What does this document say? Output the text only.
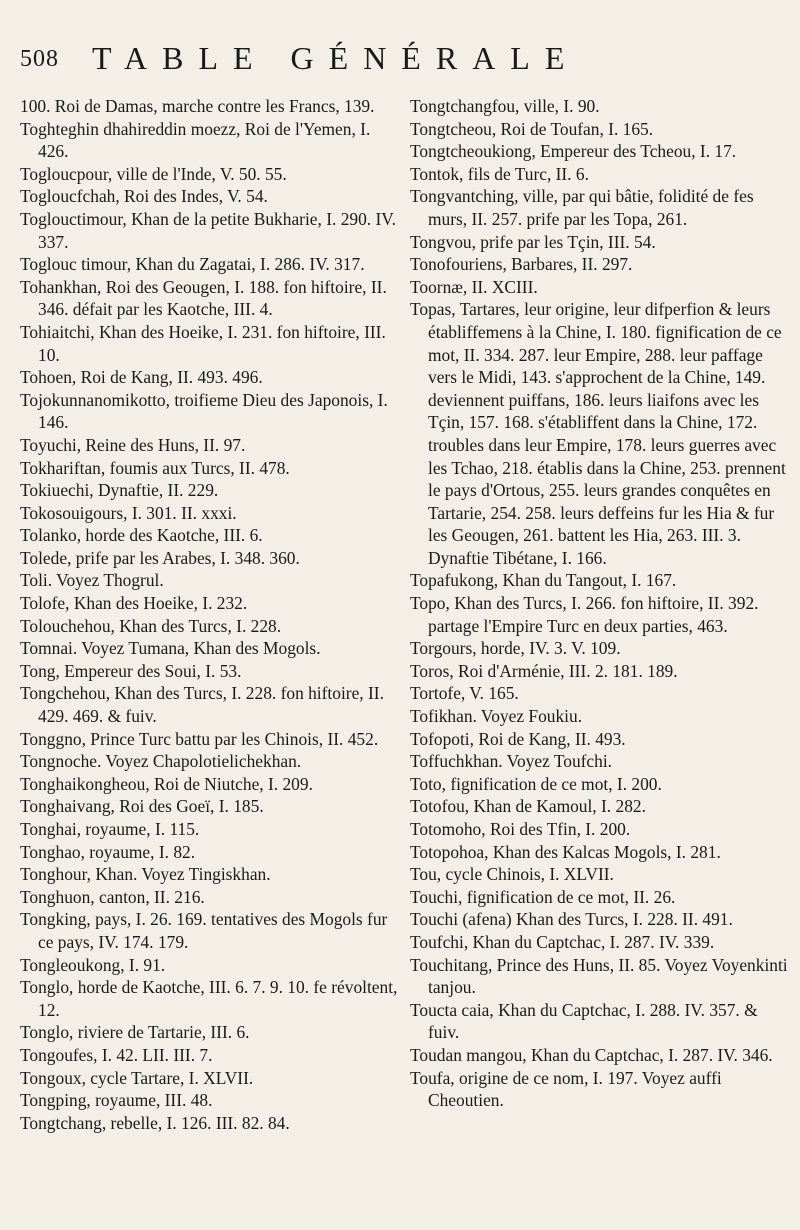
508 TABLE GÉNÉRALE

100. Roi de Damas, marche contre les Francs, 139.

Toghteghin dhahireddin moezz, Roi de l'Yemen, I. 426.

Togloucpour, ville de l'Inde, V. 50. 55.

Togloucfchah, Roi des Indes, V. 54.

Toglouctimour, Khan de la petite Bukharie, I. 290. IV. 337.

Toglouc timour, Khan du Zagatai, I. 286. IV. 317.

Tohankhan, Roi des Geougen, I. 188. fon hiftoire, II. 346. défait par les Kaotche, III. 4.

Tohiaitchi, Khan des Hoeike, I. 231. fon hiftoire, III. 10.

Tohoen, Roi de Kang, II. 493. 496.

Tojokunnanomikotto, troifieme Dieu des Japonois, I. 146.

Toyuchi, Reine des Huns, II. 97.

Tokhariftan, foumis aux Turcs, II. 478.

Tokiuechi, Dynaftie, II. 229.

Tokosouigours, I. 301. II. xxxi.

Tolanko, horde des Kaotche, III. 6.

Tolede, prife par les Arabes, I. 348. 360.

Toli. Voyez Thogrul.

Tolofe, Khan des Hoeike, I. 232.

Tolouchehou, Khan des Turcs, I. 228.

Tomnai. Voyez Tumana, Khan des Mogols.

Tong, Empereur des Soui, I. 53.

Tongchehou, Khan des Turcs, I. 228. fon hiftoire, II. 429. 469. & fuiv.

Tonggno, Prince Turc battu par les Chinois, II. 452.

Tongnoche. Voyez Chapolotielichekhan.

Tonghaikongheou, Roi de Niutche, I. 209.

Tonghaivang, Roi des Goeï, I. 185.

Tonghai, royaume, I. 115.

Tonghao, royaume, I. 82.

Tonghour, Khan. Voyez Tingiskhan.

Tonghuon, canton, II. 216.

Tongking, pays, I. 26. 169. tentatives des Mogols fur ce pays, IV. 174. 179.

Tongleoukong, I. 91.

Tonglo, horde de Kaotche, III. 6. 7. 9. 10. fe révoltent, 12.

Tonglo, riviere de Tartarie, III. 6.

Tongoufes, I. 42. LII. III. 7.

Tongoux, cycle Tartare, I. XLVII.

Tongping, royaume, III. 48.

Tongtchang, rebelle, I. 126. III. 82. 84.

Tongtchangfou, ville, I. 90.

Tongtcheou, Roi de Toufan, I. 165.

Tongtcheoukiong, Empereur des Tcheou, I. 17.

Tontok, fils de Turc, II. 6.

Tongvantching, ville, par qui bâtie, folidité de fes murs, II. 257. prife par les Topa, 261.

Tongvou, prife par les Tçin, III. 54.

Tonofouriens, Barbares, II. 297.

Toornæ, II. XCIII.

Topas, Tartares, leur origine, leur difperfion & leurs établiffemens à la Chine, I. 180. fignification de ce mot, II. 334. 287. leur Empire, 288. leur paffage vers le Midi, 143. s'approchent de la Chine, 149. deviennent puiffans, 186. leurs liaifons avec les Tçin, 157. 168. s'établiffent dans la Chine, 172. troubles dans leur Empire, 178. leurs guerres avec les Tchao, 218. établis dans la Chine, 253. prennent le pays d'Ortous, 255. leurs grandes conquêtes en Tartarie, 254. 258. leurs deffeins fur les Hia & fur les Geougen, 261. battent les Hia, 263. III. 3. Dynaftie Tibétane, I. 166.

Topafukong, Khan du Tangout, I. 167.

Topo, Khan des Turcs, I. 266. fon hiftoire, II. 392. partage l'Empire Turc en deux parties, 463.

Torgours, horde, IV. 3. V. 109.

Toros, Roi d'Arménie, III. 2. 181. 189.

Tortofe, V. 165.

Tofikhan. Voyez Foukiu.

Tofopoti, Roi de Kang, II. 493.

Toffuchkhan. Voyez Toufchi.

Toto, fignification de ce mot, I. 200.

Totofou, Khan de Kamoul, I. 282.

Totomoho, Roi des Tfin, I. 200.

Totopohoa, Khan des Kalcas Mogols, I. 281.

Tou, cycle Chinois, I. XLVII.

Touchi, fignification de ce mot, II. 26.

Touchi (afena) Khan des Turcs, I. 228. II. 491.

Toufchi, Khan du Captchac, I. 287. IV. 339.

Touchitang, Prince des Huns, II. 85. Voyez Voyenkinti tanjou.

Toucta caia, Khan du Captchac, I. 288. IV. 357. & fuiv.

Toudan mangou, Khan du Captchac, I. 287. IV. 346.

Toufa, origine de ce nom, I. 197. Voyez auffi Cheoutien.
